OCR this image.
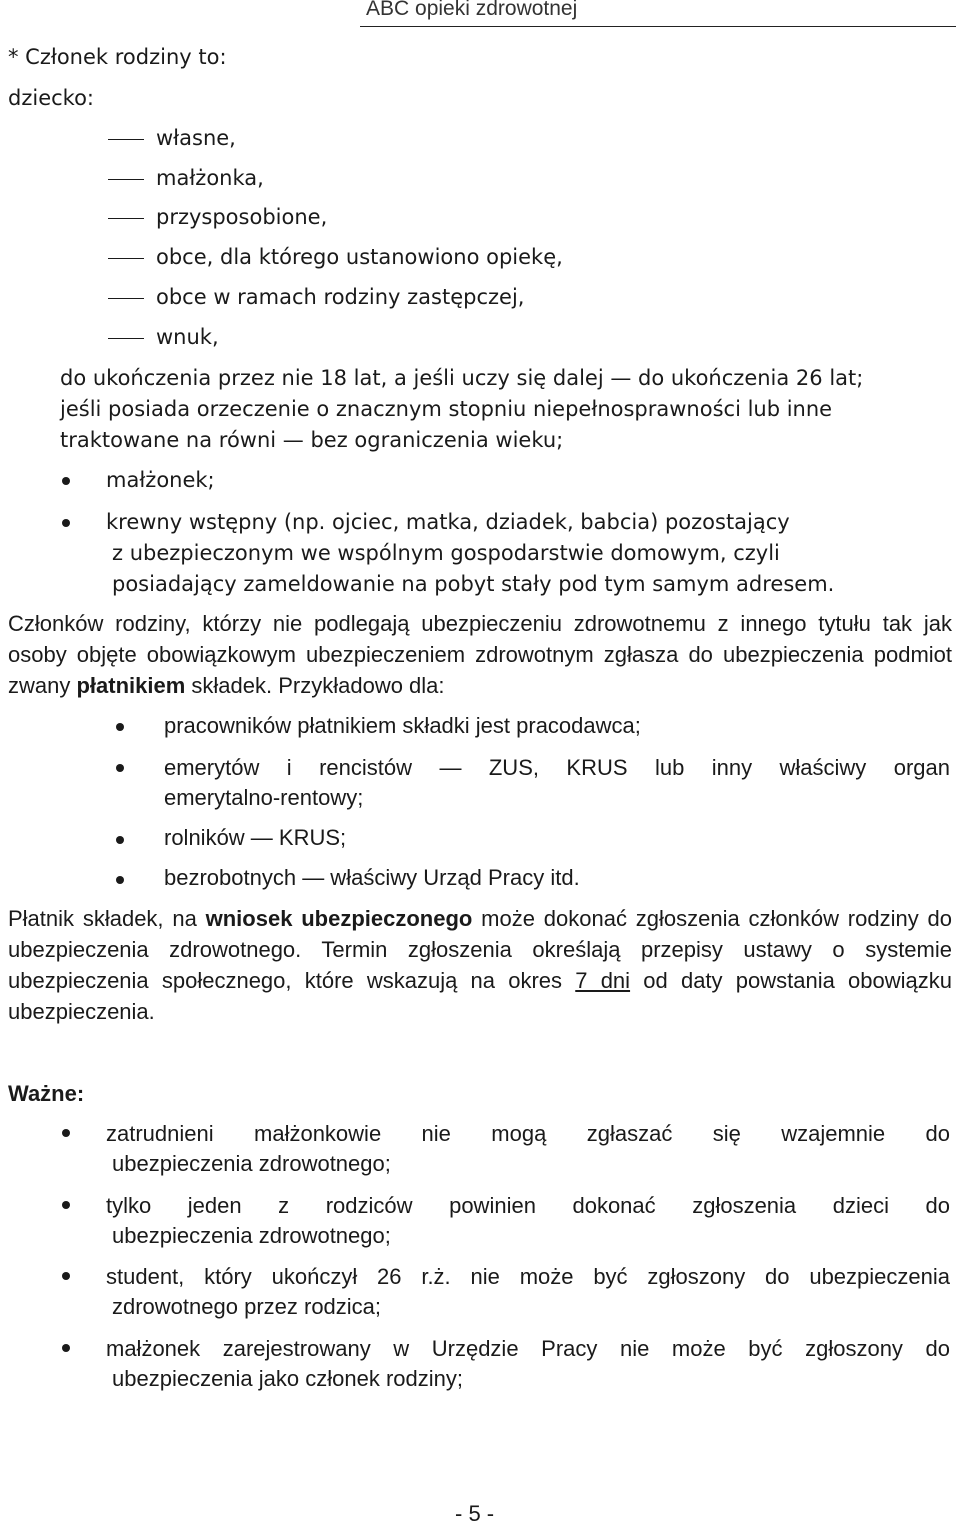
ABC opieki zdrowotnej
* Członek rodziny to:
dziecko:
własne,
małżonka,
przysposobione,
obce, dla którego ustanowiono opiekę,
obce w ramach rodziny zastępczej,
wnuk,
do ukończenia przez nie 18 lat, a jeśli uczy się dalej — do ukończenia 26 lat;
jeśli posiada orzeczenie o znacznym stopniu niepełnosprawności lub inne
traktowane na równi — bez ograniczenia wieku;
małżonek;
krewny wstępny (np. ojciec, matka, dziadek, babcia) pozostający
z ubezpieczonym we wspólnym gospodarstwie domowym, czyli
posiadający zameldowanie na pobyt stały pod tym samym adresem.
Członków rodziny, którzy nie podlegają ubezpieczeniu zdrowotnemu z innego tytułu tak jak osoby objęte obowiązkowym ubezpieczeniem zdrowotnym zgłasza do ubezpieczenia podmiot zwany płatnikiem składek. Przykładowo dla:
pracowników płatnikiem składki jest pracodawca;
emerytów i rencistów — ZUS, KRUS lub inny właściwy organ
emerytalno-rentowy;
rolników — KRUS;
bezrobotnych — właściwy Urząd Pracy itd.
Płatnik składek, na wniosek ubezpieczonego może dokonać zgłoszenia członków rodziny do ubezpieczenia zdrowotnego. Termin zgłoszenia określają przepisy ustawy o systemie ubezpieczenia społecznego, które wskazują na okres 7 dni od daty powstania obowiązku ubezpieczenia.
Ważne:
zatrudnieni małżonkowie nie mogą zgłaszać się wzajemnie do
ubezpieczenia zdrowotnego;
tylko jeden z rodziców powinien dokonać zgłoszenia dzieci do
ubezpieczenia zdrowotnego;
student, który ukończył 26 r.ż. nie może być zgłoszony do ubezpieczenia
zdrowotnego przez rodzica;
małżonek zarejestrowany w Urzędzie Pracy nie może być zgłoszony do
ubezpieczenia jako członek rodziny;
- 5 -
